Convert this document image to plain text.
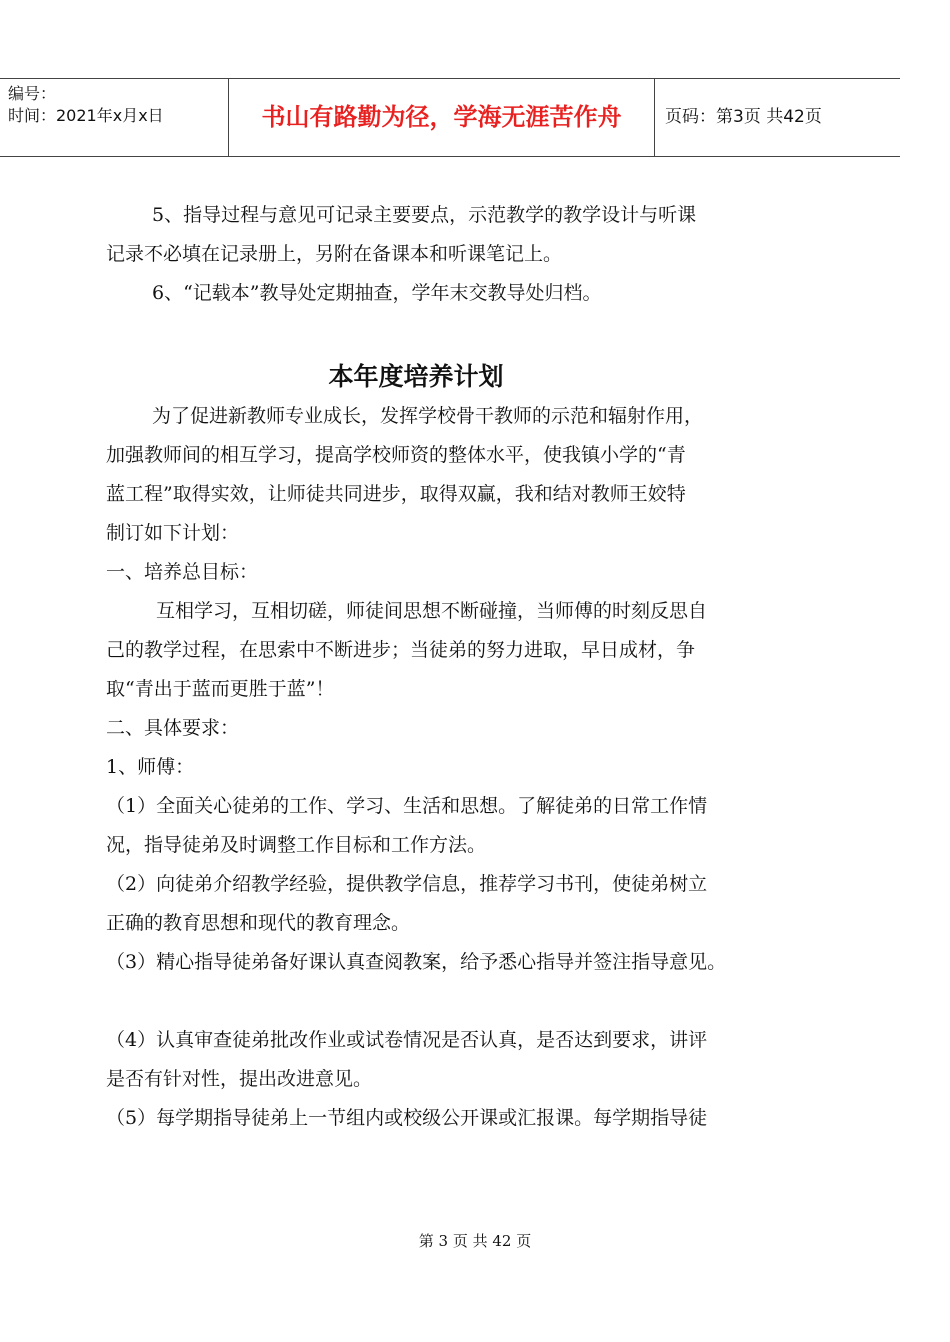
编号：
时间：2021年x月x日	书山有路勤为径，学海无涯苦作舟	页码：第3页 共42页

5、指导过程与意见可记录主要要点，示范教学的教学设计与听课

记录不必填在记录册上，另附在备课本和听课笔记上。

6、“记载本”教导处定期抽查，学年末交教导处归档。

本年度培养计划

为了促进新教师专业成长，发挥学校骨干教师的示范和辐射作用，

加强教师间的相互学习，提高学校师资的整体水平，使我镇小学的“青

蓝工程”取得实效，让师徒共同进步，取得双赢，我和结对教师王姣特

制订如下计划：

一、培养总目标：

互相学习，互相切磋，师徒间思想不断碰撞，当师傅的时刻反思自

己的教学过程，在思索中不断进步；当徒弟的努力进取，早日成材，争

取“青出于蓝而更胜于蓝”！

二、具体要求：

1、师傅：

（1）全面关心徒弟的工作、学习、生活和思想。了解徒弟的日常工作情

况，指导徒弟及时调整工作目标和工作方法。

（2）向徒弟介绍教学经验，提供教学信息，推荐学习书刊，使徒弟树立

正确的教育思想和现代的教育理念。

（3）精心指导徒弟备好课认真查阅教案，给予悉心指导并签注指导意见。

（4）认真审查徒弟批改作业或试卷情况是否认真，是否达到要求，讲评

是否有针对性，提出改进意见。

（5）每学期指导徒弟上一节组内或校级公开课或汇报课。每学期指导徒

第 3 页 共 42 页
